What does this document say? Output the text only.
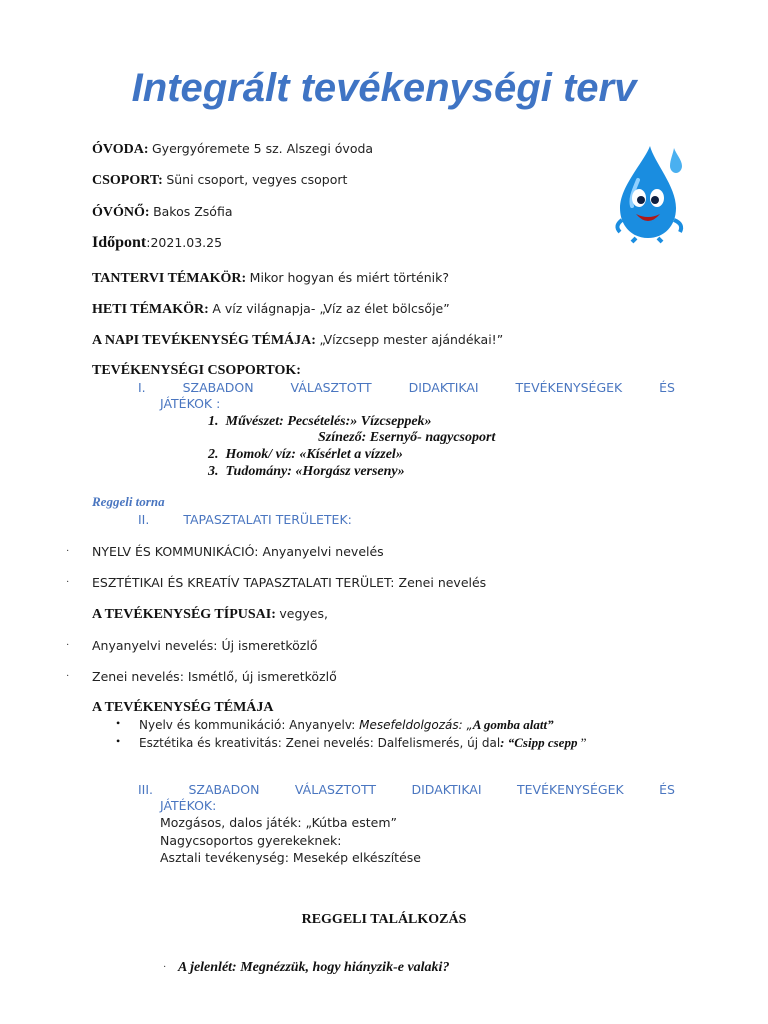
Integrált tevékenységi terv
ÓVODA: Gyergyóremete 5 sz. Alszegi óvoda
CSOPORT: Süni csoport, vegyes csoport
ÓVÓNŐ: Bakos Zsófia
Időpont:2021.03.25
TANTERVI TÉMAKÖR: Mikor hogyan és miért történik?
HETI TÉMAKÖR: A víz világnapja- „Víz az élet bölcsője”
A NAPI TEVÉKENYSÉG TÉMÁJA: „Vízcsepp mester ajándékai!”
TEVÉKENYSÉGI CSOPORTOK:
I.	SZABADON	VÁLASZTOTT	DIDAKTIKAI	TEVÉKENYSÉGEK	ÉS
JÁTÉKOK :
1. Művészet: Pecsételés:» Vízcseppek»
Színező: Esernyő- nagycsoport
2. Homok/ víz: «Kísérlet a vízzel»
3. Tudomány: «Horgász verseny»
Reggeli torna
II.	TAPASZTALATI TERÜLETEK:
· NYELV ÉS KOMMUNIKÁCIÓ: Anyanyelvi nevelés
· ESZTÉTIKAI ÉS KREATÍV TAPASZTALATI TERÜLET: Zenei nevelés
A TEVÉKENYSÉG TÍPUSAI: vegyes,
· Anyanyelvi nevelés: Új ismeretközlő
· Zenei nevelés: Ismétlő, új ismeretközlő
A TEVÉKENYSÉG TÉMÁJA
• Nyelv és kommunikáció: Anyanyelv: Mesefeldolgozás: „A gomba alatt”
• Esztétika és kreativitás: Zenei nevelés: Dalfelismerés, új dal: “Csipp csepp ”
III.	SZABADON	VÁLASZTOTT	DIDAKTIKAI	TEVÉKENYSÉGEK	ÉS
JÁTÉKOK:
Mozgásos, dalos játék: „Kútba estem”
Nagycsoportos gyerekeknek:
Asztali tevékenység: Mesekép elkészítése
REGGELI TALÁLKOZÁS
· A jelenlét: Megnézzük, hogy hiányzik-e valaki?
